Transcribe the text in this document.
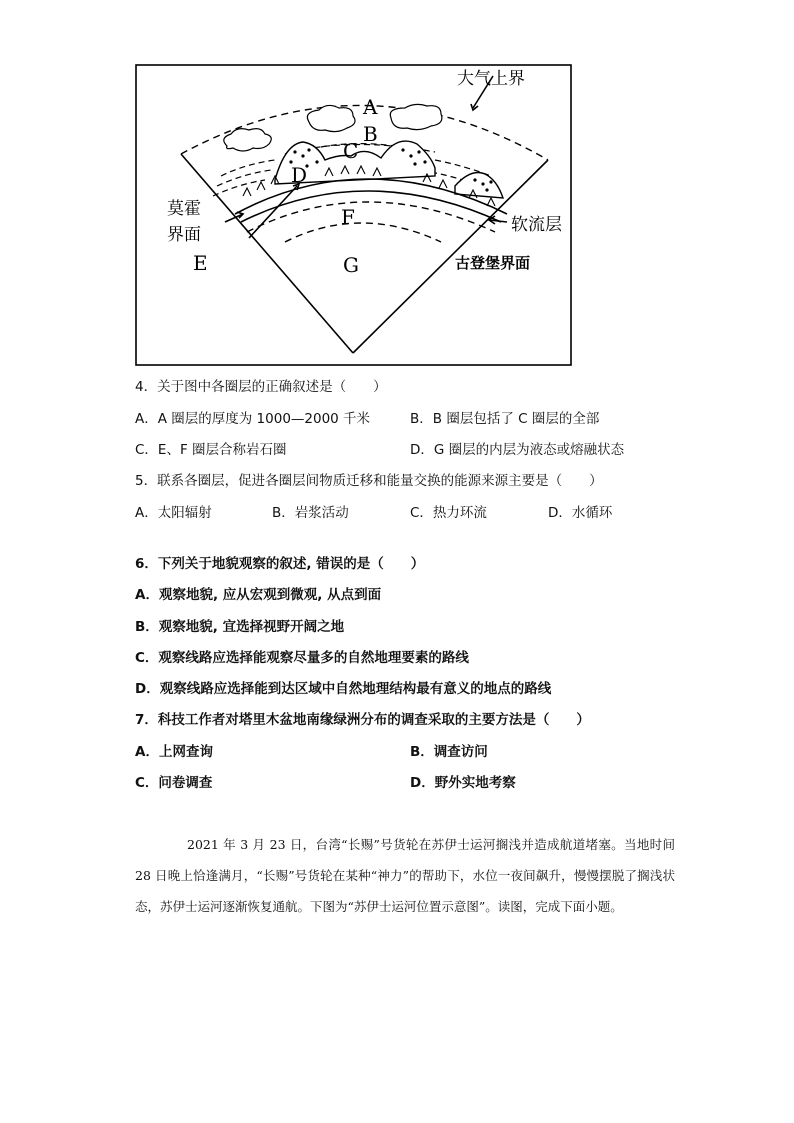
A
B
C
D
E
F
G
大气上界
莫霍
界面	软流层
古登堡界面
4．关于图中各圈层的正确叙述是（　　）
A．A 圈层的厚度为 1000—2000 千米	B．B 圈层包括了 C 圈层的全部
C．E、F 圈层合称岩石圈	D．G 圈层的内层为液态或熔融状态
5．联系各圈层，促进各圈层间物质迁移和能量交换的能源来源主要是（　　）
A．太阳辐射	B．岩浆活动	C．热力环流	D．水循环
6．下列关于地貌观察的叙述, 错误的是（　　）
A．观察地貌, 应从宏观到微观, 从点到面
B．观察地貌, 宜选择视野开阔之地
C．观察线路应选择能观察尽量多的自然地理要素的路线
D．观察线路应选择能到达区域中自然地理结构最有意义的地点的路线
7．科技工作者对塔里木盆地南缘绿洲分布的调查采取的主要方法是（　　）
A．上网查询	B．调查访问
C．问卷调查	D．野外实地考察

2021 年 3 月 23 日，台湾“长赐”号货轮在苏伊士运河搁浅并造成航道堵塞。当地时间 28 日晚上恰逢满月，“长赐”号货轮在某种“神力”的帮助下，水位一夜间飙升，慢慢摆脱了搁浅状态，苏伊士运河逐渐恢复通航。下图为“苏伊士运河位置示意图”。读图，完成下面小题。
